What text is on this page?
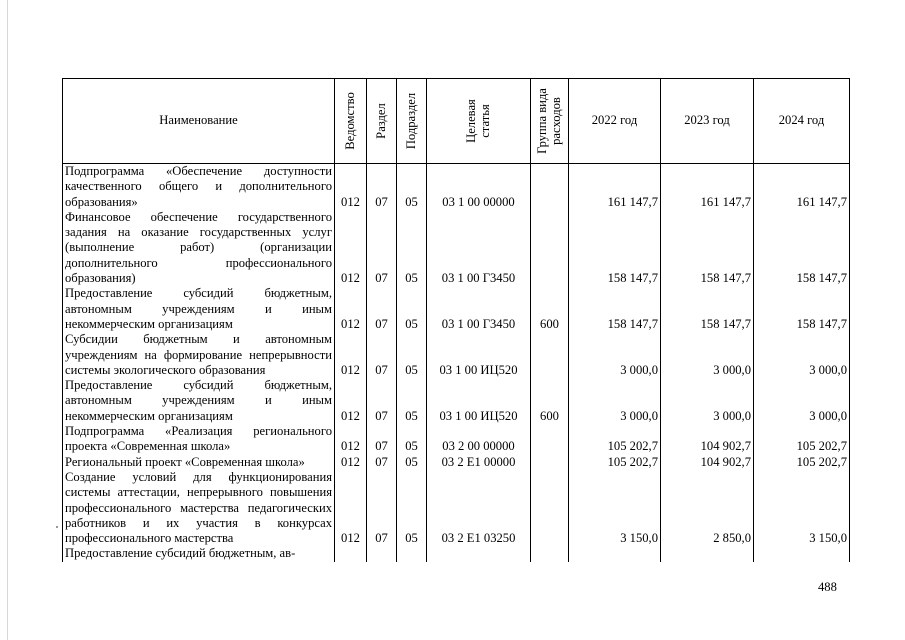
Наименование	Ведомство	Раздел	Подраздел	Целевая статья	Группа вида расходов	2022 год	2023 год	2024 год
Подпрограмма «Обеспечение доступности качественного общего и дополнительного образования»	012	07	05	03 1 00 00000		161 147,7	161 147,7	161 147,7
Финансовое обеспечение государственного задания на оказание государственных услуг (выполнение работ) (организации дополнительного профессионального образования)	012	07	05	03 1 00 Г3450		158 147,7	158 147,7	158 147,7
Предоставление субсидий бюджетным, автономным учреждениям и иным некоммерческим организациям	012	07	05	03 1 00 Г3450	600	158 147,7	158 147,7	158 147,7
Субсидии бюджетным и автономным учреждениям на формирование непрерывности системы экологического образования	012	07	05	03 1 00 ИЦ520		3 000,0	3 000,0	3 000,0
Предоставление субсидий бюджетным, автономным учреждениям и иным некоммерческим организациям	012	07	05	03 1 00 ИЦ520	600	3 000,0	3 000,0	3 000,0
Подпрограмма «Реализация регионального проекта «Современная школа»	012	07	05	03 2 00 00000		105 202,7	104 902,7	105 202,7
Региональный проект «Современная школа»	012	07	05	03 2 E1 00000		105 202,7	104 902,7	105 202,7
Создание условий для функционирования системы аттестации, непрерывного повышения профессионального мастерства педагогических работников и их участия в конкурсах профессионального мастерства	012	07	05	03 2 E1 03250		3 150,0	2 850,0	3 150,0
Предоставление субсидий бюджетным, ав-								
488
